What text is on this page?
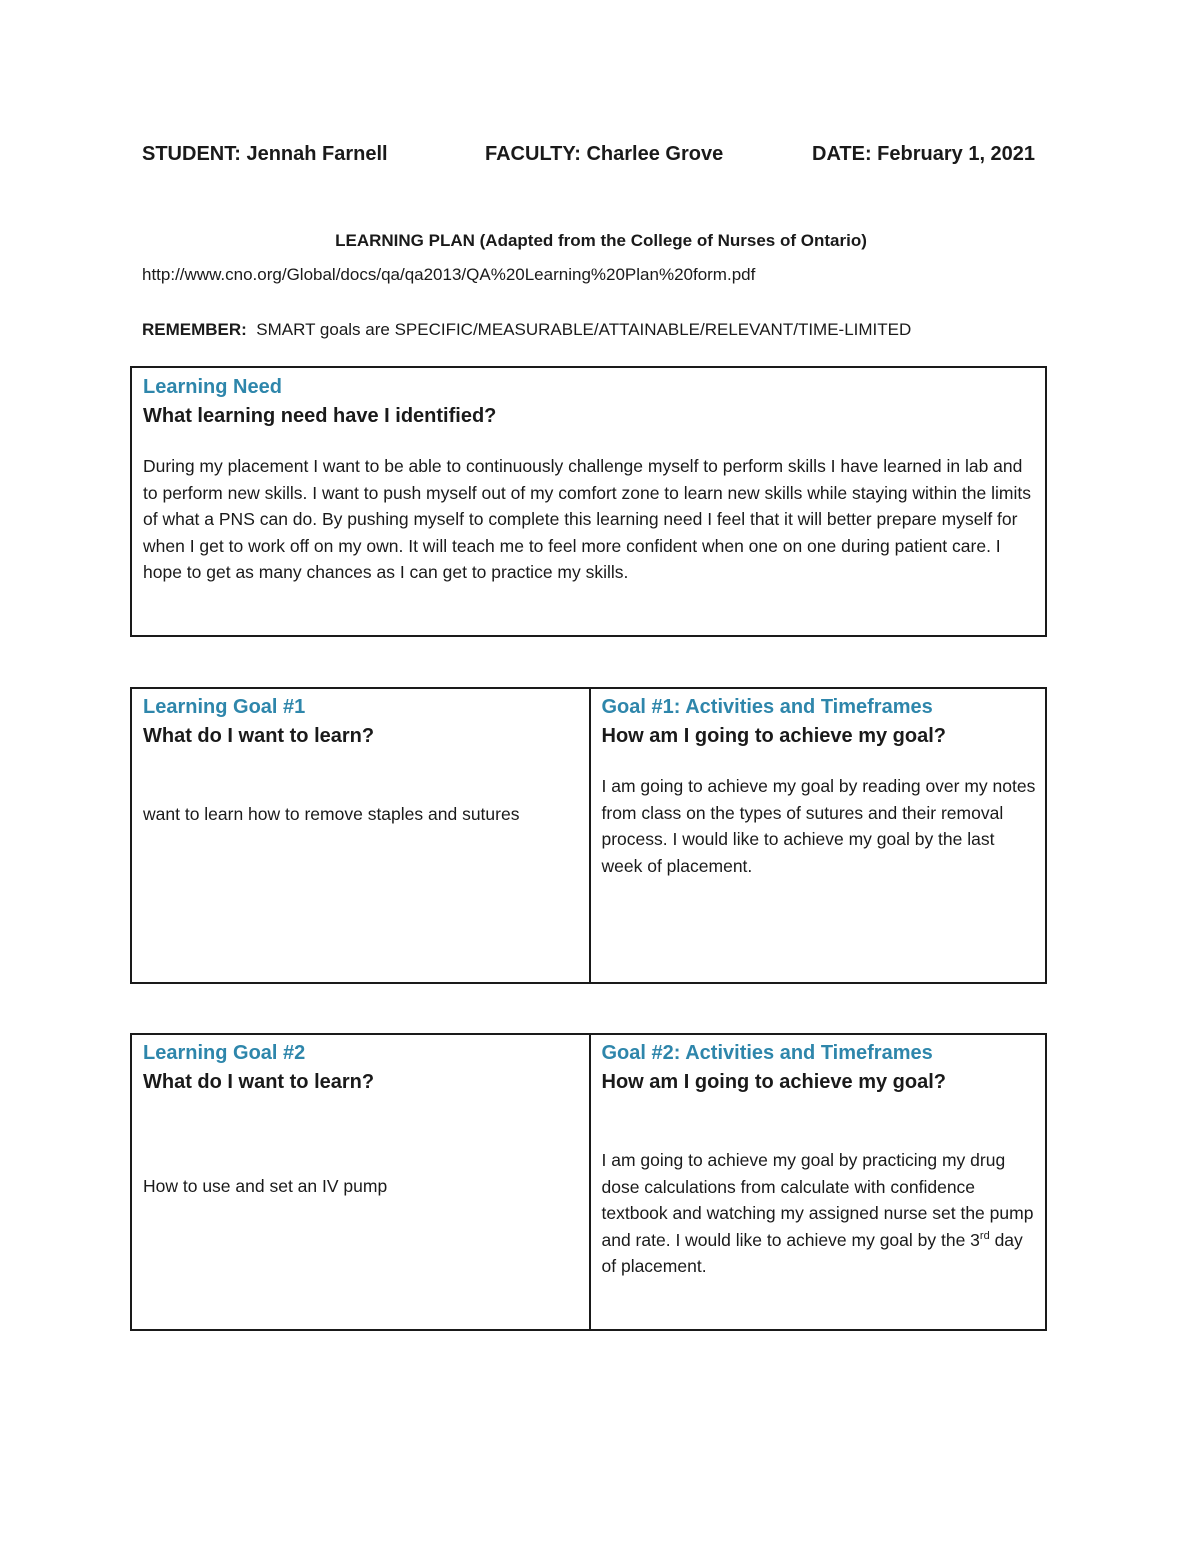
STUDENT: Jennah Farnell	FACULTY: Charlee Grove	DATE: February 1, 2021
LEARNING PLAN (Adapted from the College of Nurses of Ontario)
http://www.cno.org/Global/docs/qa/qa2013/QA%20Learning%20Plan%20form.pdf
REMEMBER: SMART goals are SPECIFIC/MEASURABLE/ATTAINABLE/RELEVANT/TIME-LIMITED
Learning Need
What learning need have I identified?
During my placement I want to be able to continuously challenge myself to perform skills I have learned in lab and to perform new skills. I want to push myself out of my comfort zone to learn new skills while staying within the limits of what a PNS can do. By pushing myself to complete this learning need I feel that it will better prepare myself for when I get to work off on my own. It will teach me to feel more confident when one on one during patient care. I hope to get as many chances as I can get to practice my skills.
Learning Goal #1
What do I want to learn?
want to learn how to remove staples and sutures
Goal #1: Activities and Timeframes
How am I going to achieve my goal?
I am going to achieve my goal by reading over my notes from class on the types of sutures and their removal process. I would like to achieve my goal by the last week of placement.
Learning Goal #2
What do I want to learn?
How to use and set an IV pump
Goal #2: Activities and Timeframes
How am I going to achieve my goal?
I am going to achieve my goal by practicing my drug dose calculations from calculate with confidence textbook and watching my assigned nurse set the pump and rate. I would like to achieve my goal by the 3rd day of placement.
